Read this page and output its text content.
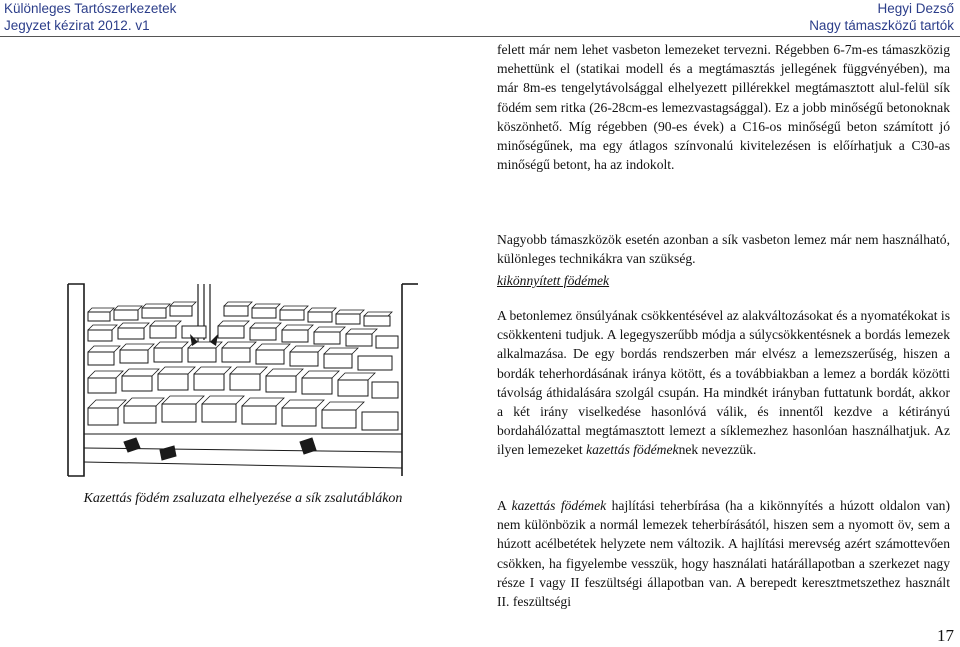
Különleges Tartószerkezetek
Jegyzet kézirat 2012. v1
Hegyi Dezső
Nagy támaszközű tartók

felett már nem lehet vasbeton lemezeket tervezni. Régebben 6-7m-es támaszközig mehettünk el (statikai modell és a megtámasztás jellegének függvényében), ma már 8m-es tengelytávolsággal elhelyezett pillérekkel megtámasztott alul-felül sík födém sem ritka (26-28cm-es lemezvastagsággal). Ez a jobb minőségű betonoknak köszönhető. Míg régebben (90-es évek) a C16-os minőségű beton számított jó minőségűnek, ma egy átlagos színvonalú kivitelezésen is előírhatjuk a C30-as minőségű betont, ha az indokolt.

Nagyobb támaszközök esetén azonban a sík vasbeton lemez már nem használható, különleges technikákra van szükség.

kikönnyített födémek

A betonlemez önsúlyának csökkentésével az alakváltozásokat és a nyomatékokat is csökkenteni tudjuk. A legegyszerűbb módja a súlycsökkentésnek a bordás lemezek alkalmazása. De egy bordás rendszerben már elvész a lemezszerűség, hiszen a bordák teherhordásának iránya kötött, és a továbbiakban a lemez a bordák közötti távolság áthidalására szolgál csupán. Ha mindkét irányban futtatunk bordát, akkor a két irány viselkedése hasonlóvá válik, és innentől kezdve a kétirányú bordahálózattal megtámasztott lemezt a síklemezhez hasonlóan használhatjuk. Az ilyen lemezeket kazettás födémeknek nevezzük.

A kazettás födémek hajlítási teherbírása (ha a kikönnyítés a húzott oldalon van) nem különbözik a normál lemezek teherbírásától, hiszen sem a nyomott öv, sem a húzott acélbetétek helyzete nem változik. A hajlítási merevség azért számottevően csökken, ha figyelembe vesszük, hogy használati határállapotban a szerkezet nagy része I vagy II feszültségi állapotban van. A berepedt keresztmetszethez használt II. feszültségi

Kazettás födém zsaluzata elhelyezése a sík zsalutáblákon

17
